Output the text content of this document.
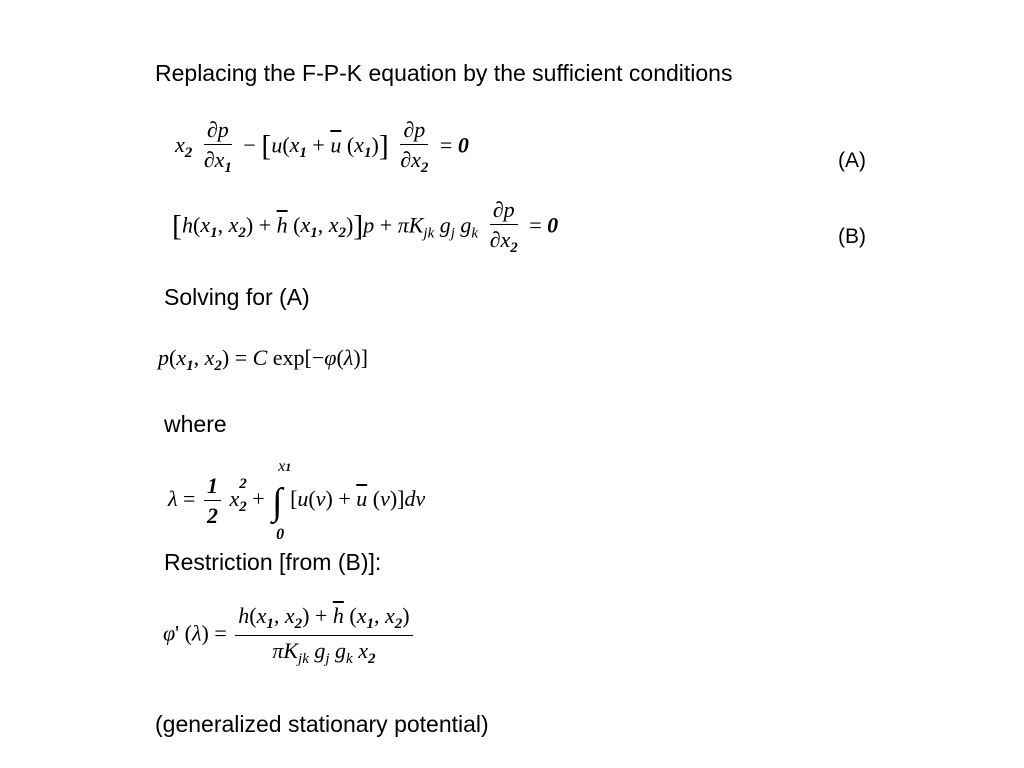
Replacing the F-P-K equation by the sufficient conditions
$x_2 \frac{\partial p}{\partial x_1} - [u(x_1 + \overline{u}$ $(x_1)] \frac{\partial p}{\partial x_2} = 0$
(A)
[$h(x_1$, $x_2) + \overline{h}$ ($x_1$, $x_2)]p + \pi K_{jk}$ $g_j$ $g_k \frac{\partial p}{\partial x_2} = 0$	(B)
Solving for (A)
$p(x_1$, $x_2) = C$ exp[−φ(λ)]
where
$\lambda = \frac{1}{2}$ x
$_{2 2}$ + ∫
x1
0
[$u(v) + \overline{u}$ (v)]dv
Restriction [from (B)]:
φ' $(\lambda) = \frac{h(x_1, x_2) + \overline{h} (x_1, x_2)}{\pi K_{jk} g_j g_k x_2}$
(generalized stationary potential)
